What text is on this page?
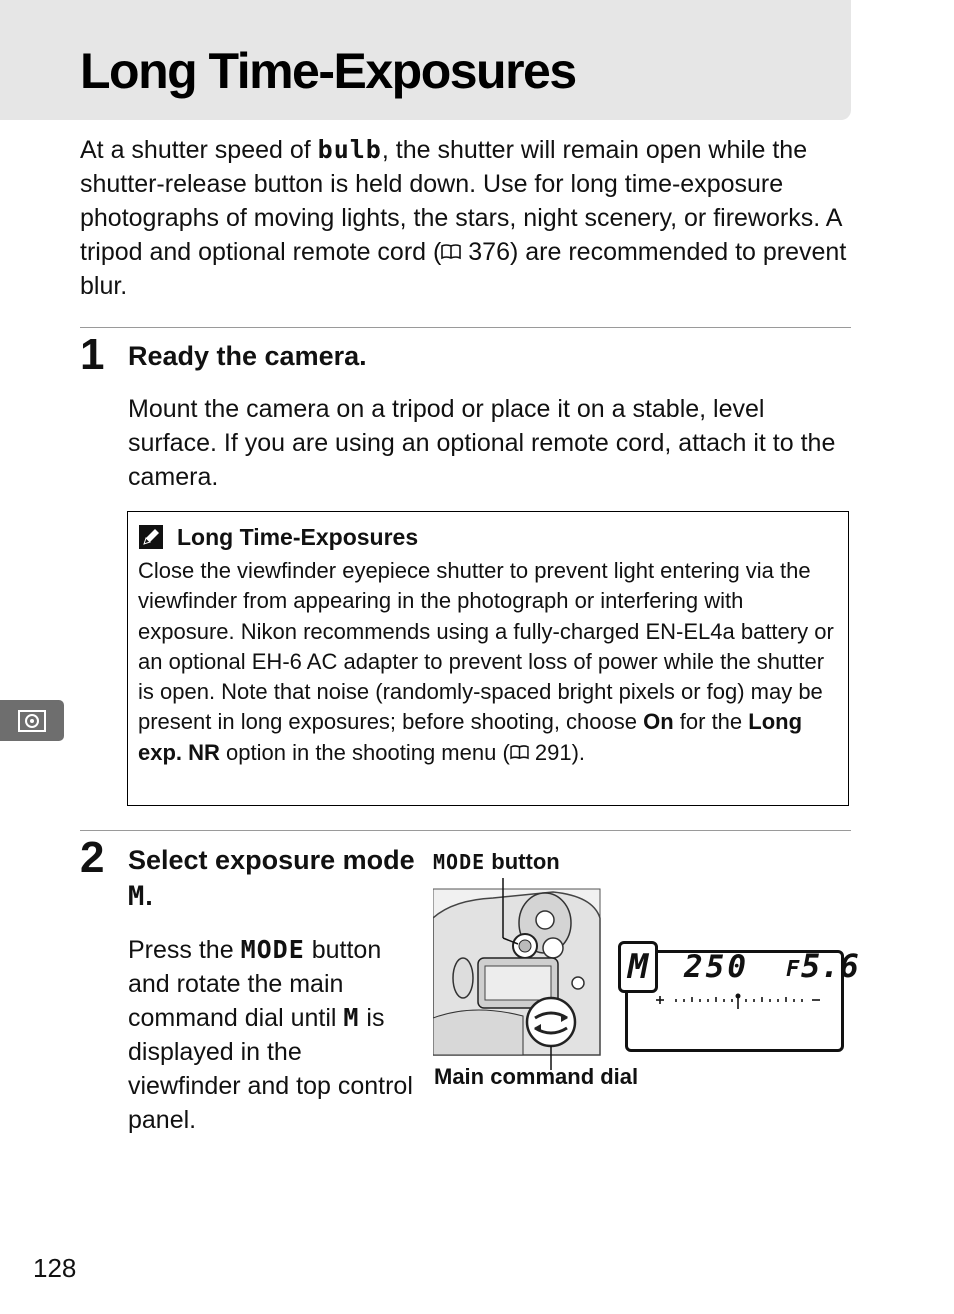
Long Time-Exposures

At a shutter speed of bulb, the shutter will remain open while the shutter-release button is held down. Use for long time-exposure photographs of moving lights, the stars, night scenery, or fireworks. A tripod and optional remote cord ( 376) are recommended to prevent blur.

1 Ready the camera.

Mount the camera on a tripod or place it on a stable, level surface. If you are using an optional remote cord, attach it to the camera.

Long Time-Exposures

Close the viewfinder eyepiece shutter to prevent light entering via the viewfinder from appearing in the photograph or interfering with exposure. Nikon recommends using a fully-charged EN-EL4a battery or an optional EH-6 AC adapter to prevent loss of power while the shutter is open. Note that noise (randomly-spaced bright pixels or fog) may be present in long exposures; before shooting, choose On for the Long exp. NR option in the shooting menu ( 291).

2 Select exposure mode M.

Press the MODE button and rotate the main command dial until M is displayed in the viewfinder and top control panel.

MODE button
Main command dial
M 250 F 5.6
128
